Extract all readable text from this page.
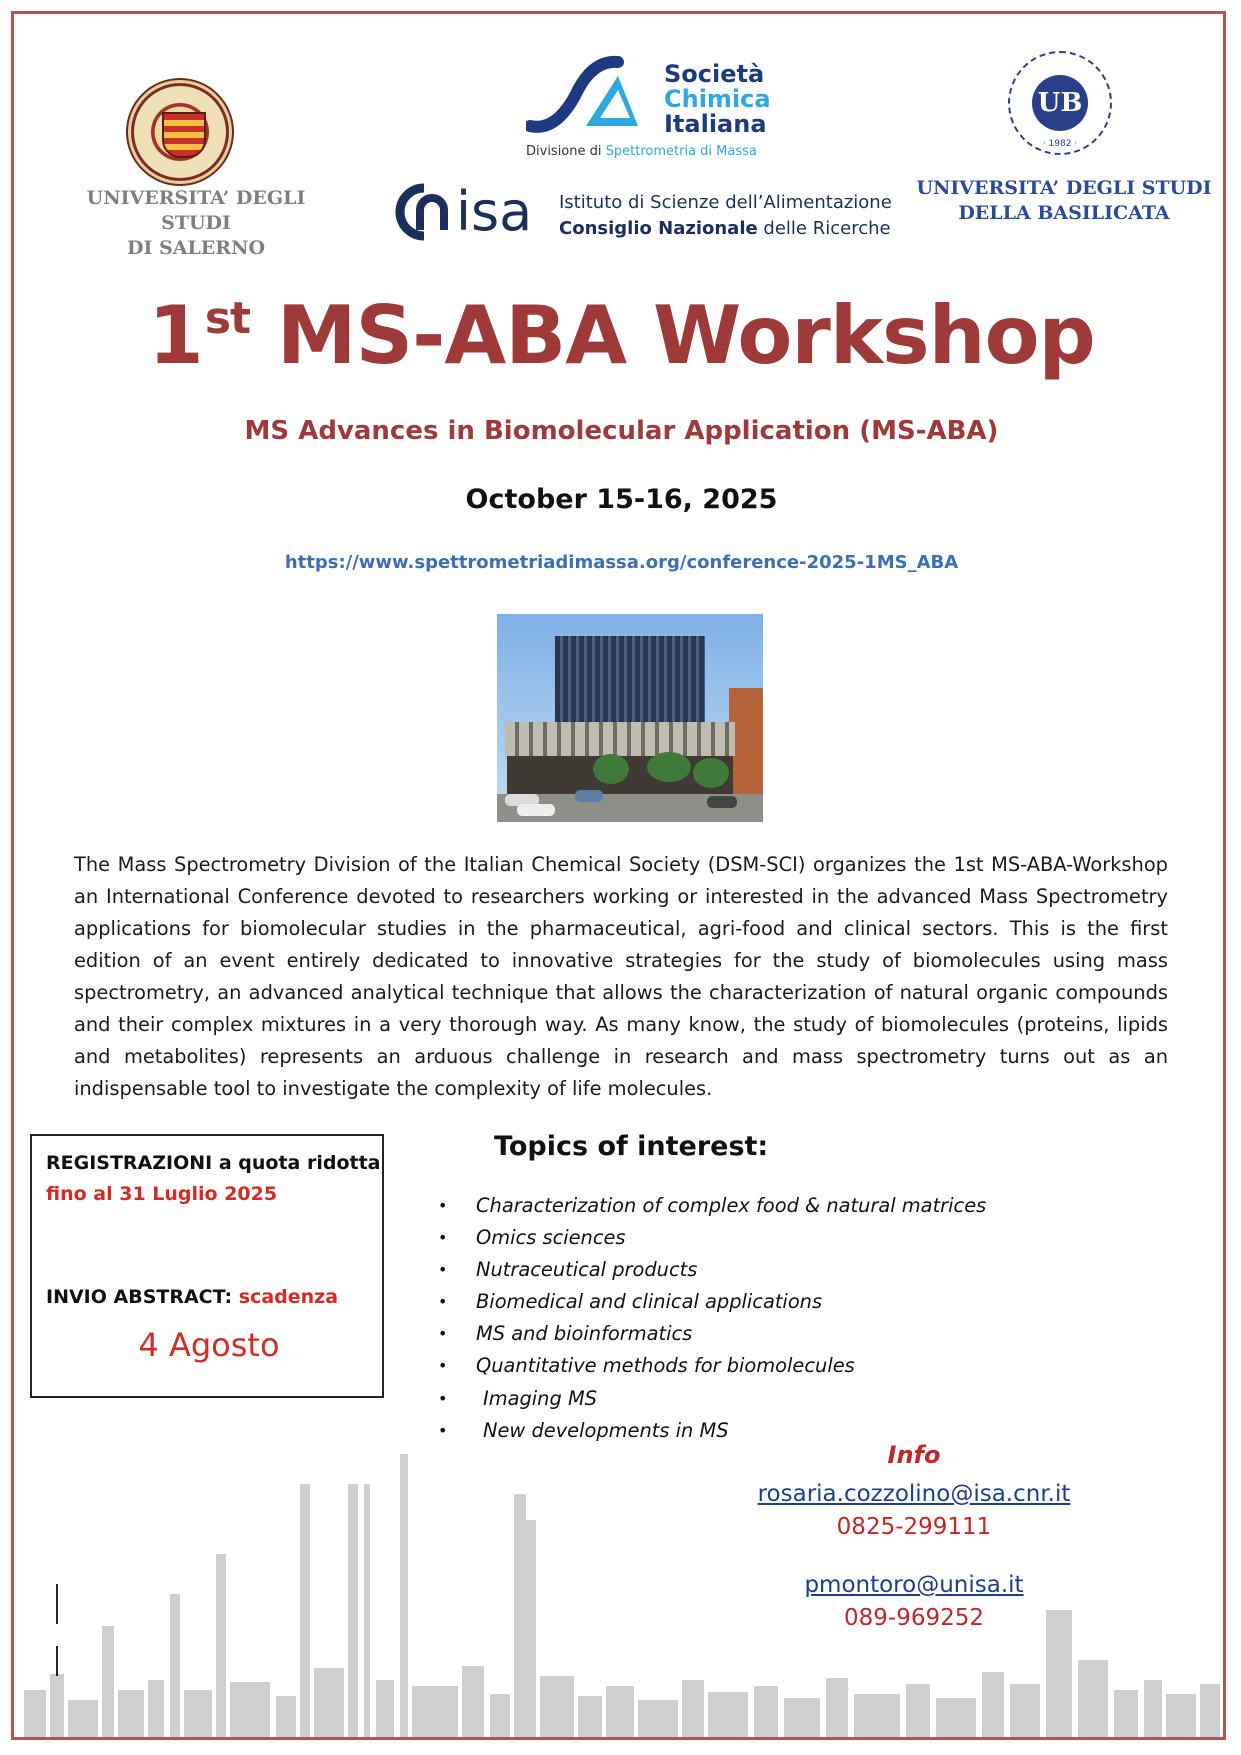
UNIVERSITA’ DEGLI STUDI
DI SALERNO
Società
Chimica
Italiana
Divisione di Spettrometria di Massa
isa Istituto di Scienze dell’Alimentazione
Consiglio Nazionale delle Ricerche
UB
· 1982 ·
UNIVERSITA’ DEGLI STUDI
DELLA BASILICATA
1st MS-ABA Workshop
MS Advances in Biomolecular Application (MS-ABA)
October 15-16, 2025
https://www.spettrometriadimassa.org/conference-2025-1MS_ABA
The Mass Spectrometry Division of the Italian Chemical Society (DSM-SCI) organizes the 1st MS-ABA-Workshop an International Conference devoted to researchers working or interested in the advanced Mass Spectrometry applications for biomolecular studies in the pharmaceutical, agri-food and clinical sectors. This is the first edition of an event entirely dedicated to innovative strategies for the study of biomolecules using mass spectrometry, an advanced analytical technique that allows the characterization of natural organic compounds and their complex mixtures in a very thorough way. As many know, the study of biomolecules (proteins, lipids and metabolites) represents an arduous challenge in research and mass spectrometry turns out as an indispensable tool to investigate the complexity of life molecules.
REGISTRAZIONI a quota ridotta
fino al 31 Luglio 2025
INVIO ABSTRACT: scadenza
4 Agosto
Topics of interest:
• Characterization of complex food & natural matrices
• Omics sciences
• Nutraceutical products
• Biomedical and clinical applications
• MS and bioinformatics
• Quantitative methods for biomolecules
• Imaging MS
• New developments in MS
Info
rosaria.cozzolino@isa.cnr.it
0825-299111
pmontoro@unisa.it
089-969252
